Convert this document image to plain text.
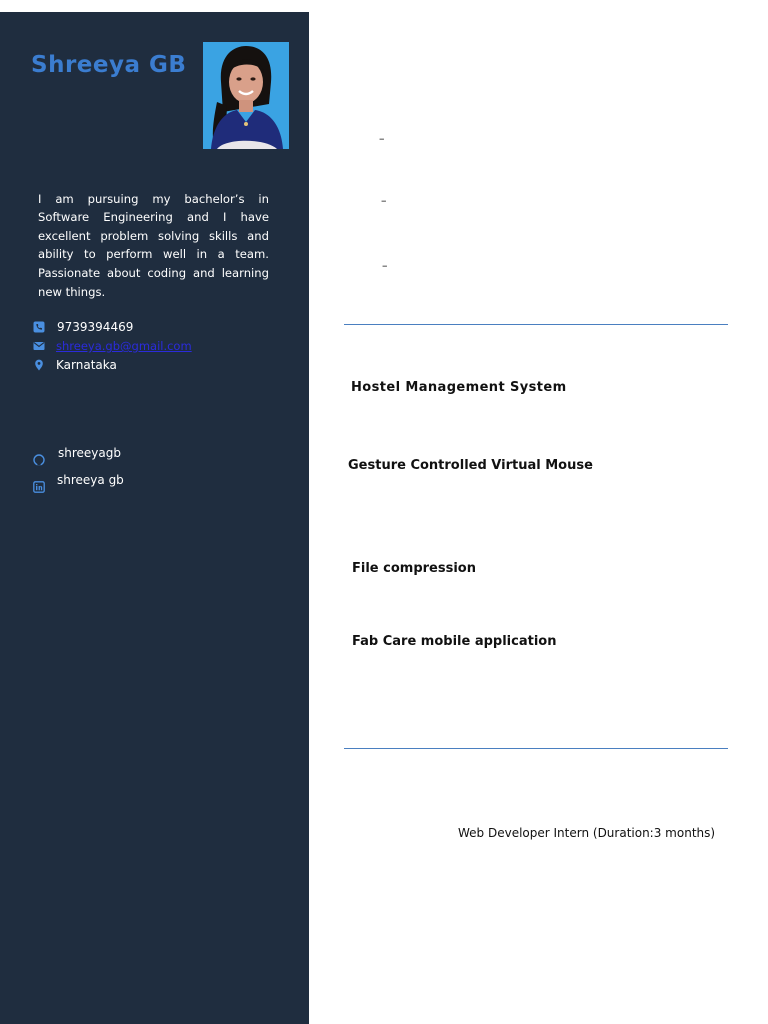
Shreeya GB

I am pursuing my bachelor’s in Software Engineering and I have excellent problem solving skills and ability to perform well in a team. Passionate about coding and learning new things.

9739394469
shreeya.gb@gmail.com
Karnataka
shreeyagb
shreeya gb
–
–
–
Hostel Management System
Gesture Controlled Virtual Mouse
File compression
Fab Care mobile application
Web Developer Intern (Duration:3 months)
